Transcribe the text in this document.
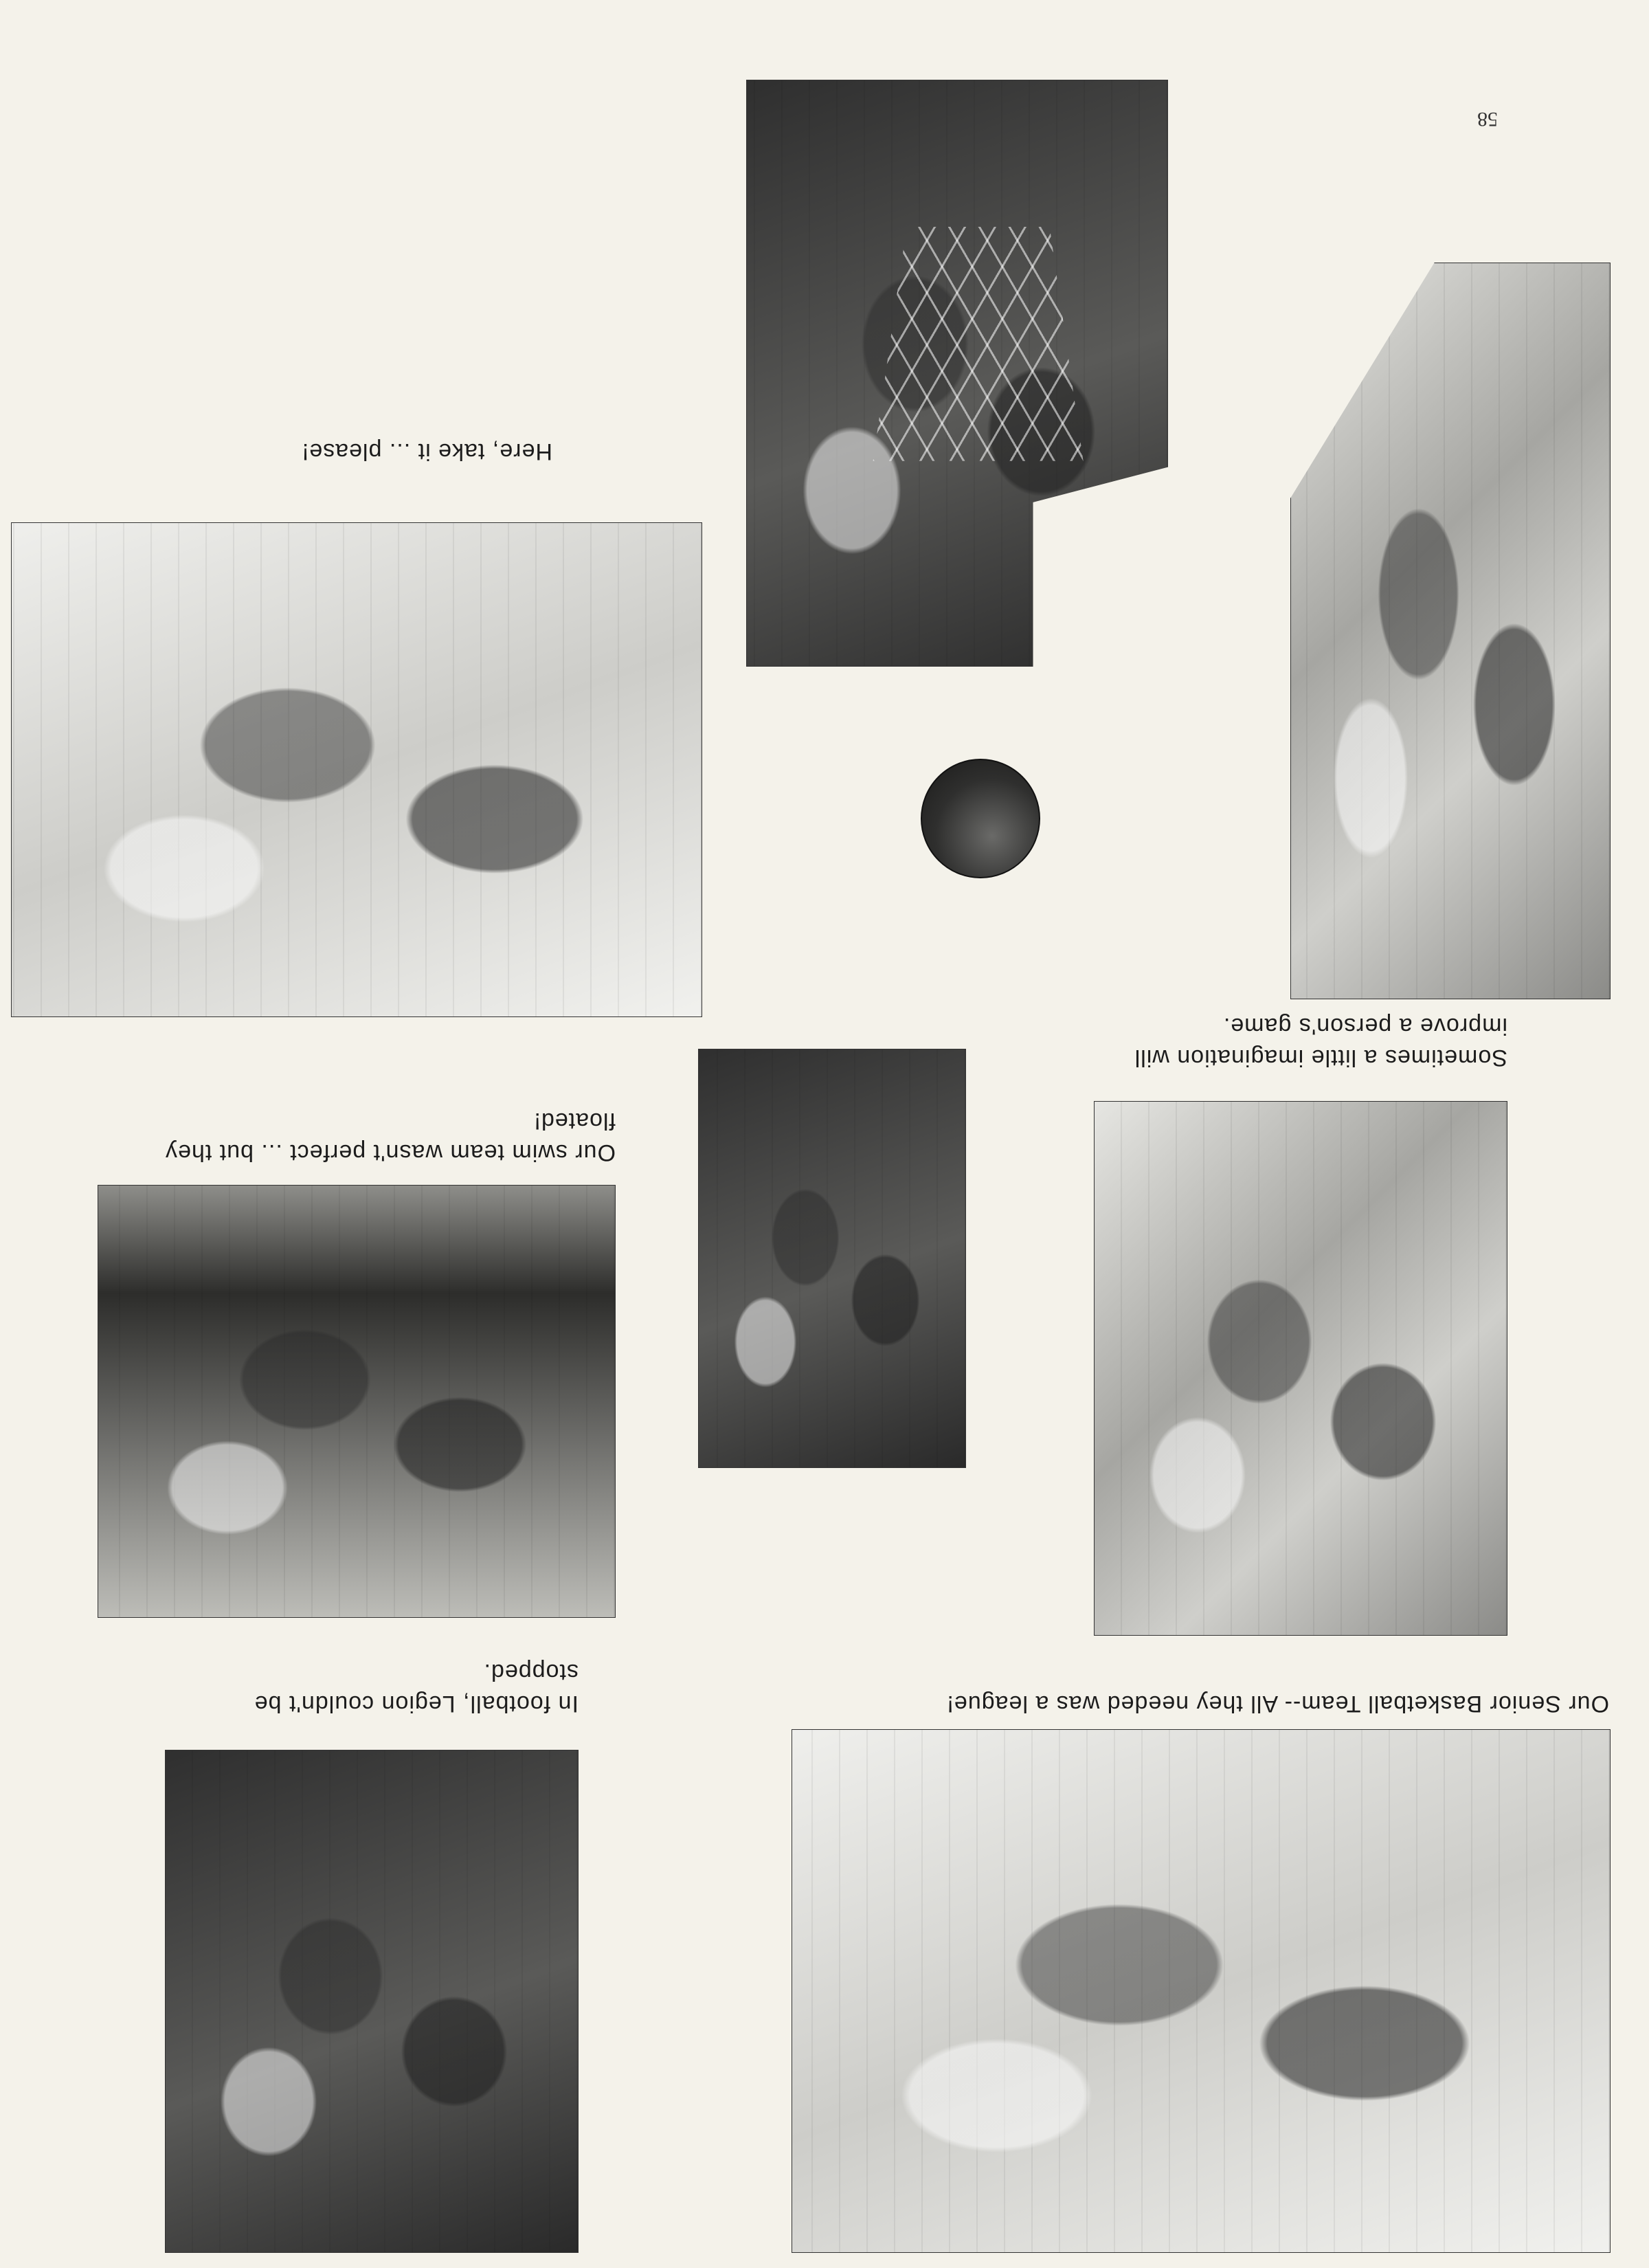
Our Senior Basketball Team-- All they needed was a league!
In football, Legion couldn't be stopped.
Our swim team wasn't perfect ... but they floated!
Sometimes a little imagination will improve a person's game.
Here, take it ... please!
58
